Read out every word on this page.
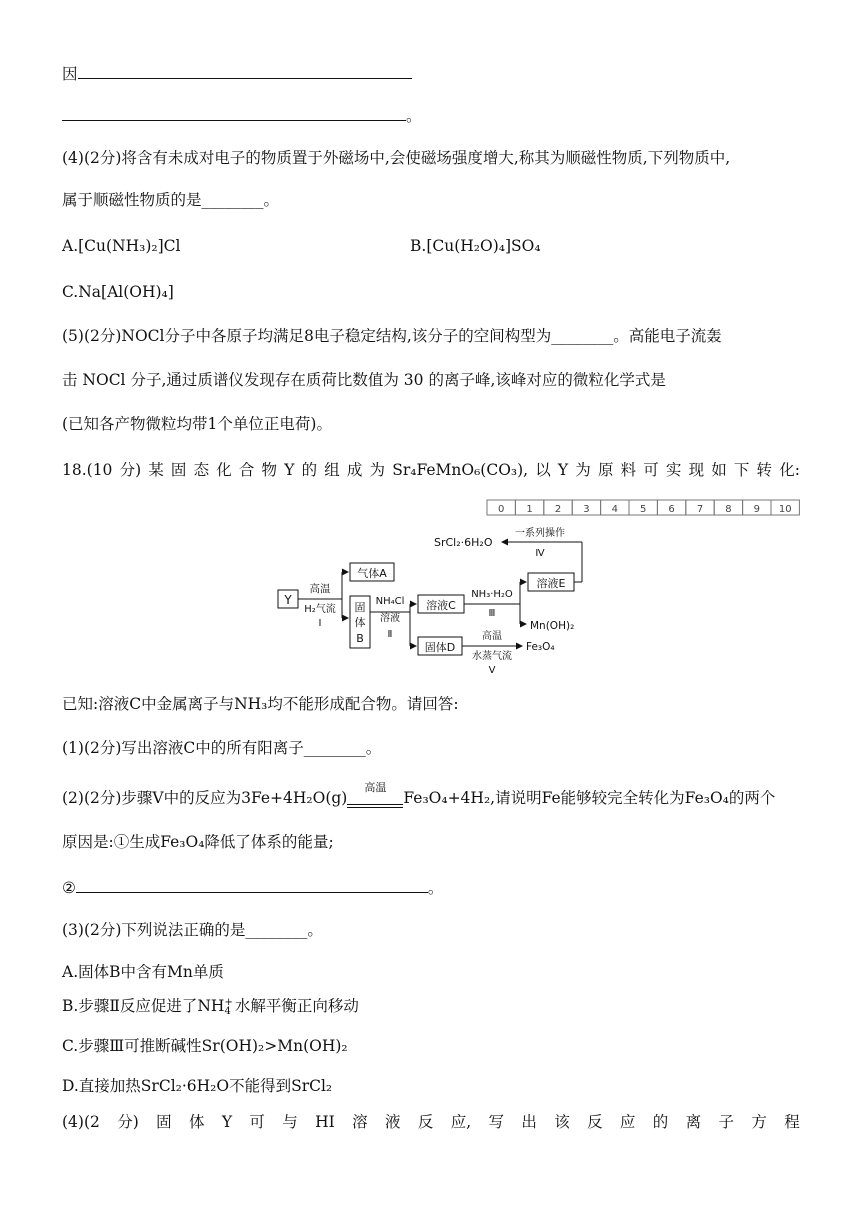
因
。
(4)(2分)将含有未成对电子的物质置于外磁场中,会使磁场强度增大,称其为顺磁性物质,下列物质中,
属于顺磁性物质的是________。
A.[Cu(NH₃)₂]Cl	B.[Cu(H₂O)₄]SO₄
C.Na[Al(OH)₄]
(5)(2分)NOCl分子中各原子均满足8电子稳定结构,该分子的空间构型为________。高能电子流轰
击 NOCl 分子,通过质谱仪发现存在质荷比数值为 30 的离子峰,该峰对应的微粒化学式是
(已知各产物微粒均带1个单位正电荷)。
18.(10 分) 某 固 态 化 合 物 Y 的 组 成 为 Sr₄FeMnO₆(CO₃), 以 Y 为 原 料 可 实 现 如 下 转 化:
0 1 2 3 4 5 6 7 8 9 10
Y
高温
H₂气流
Ⅰ
气体A
固
体
B
NH₄Cl
溶液
Ⅱ
溶液C
NH₃·H₂O
Ⅲ
溶液E
Mn(OH)₂
一系列操作
Ⅳ
SrCl₂·6H₂O
固体D
高温
水蒸气流
Ⅴ
Fe₃O₄
已知:溶液C中金属离子与NH₃均不能形成配合物。请回答:
(1)(2分)写出溶液C中的所有阳离子________。
(2)(2分)步骤V中的反应为3Fe+4H₂O(g)
高温
Fe₃O₄+4H₂,请说明Fe能够较完全转化为Fe₃O₄的两个
原因是:①生成Fe₃O₄降低了体系的能量;
②	。
(3)(2分)下列说法正确的是________。
A.固体B中含有Mn单质
B.步骤Ⅱ反应促进了NH +
4 水解平衡正向移动
C.步骤Ⅲ可推断碱性Sr(OH)₂>Mn(OH)₂
D.直接加热SrCl₂·6H₂O不能得到SrCl₂
(4)(2 分) 固 体 Y 可 与 HI 溶 液 反 应, 写 出 该 反 应 的 离 子 方 程
